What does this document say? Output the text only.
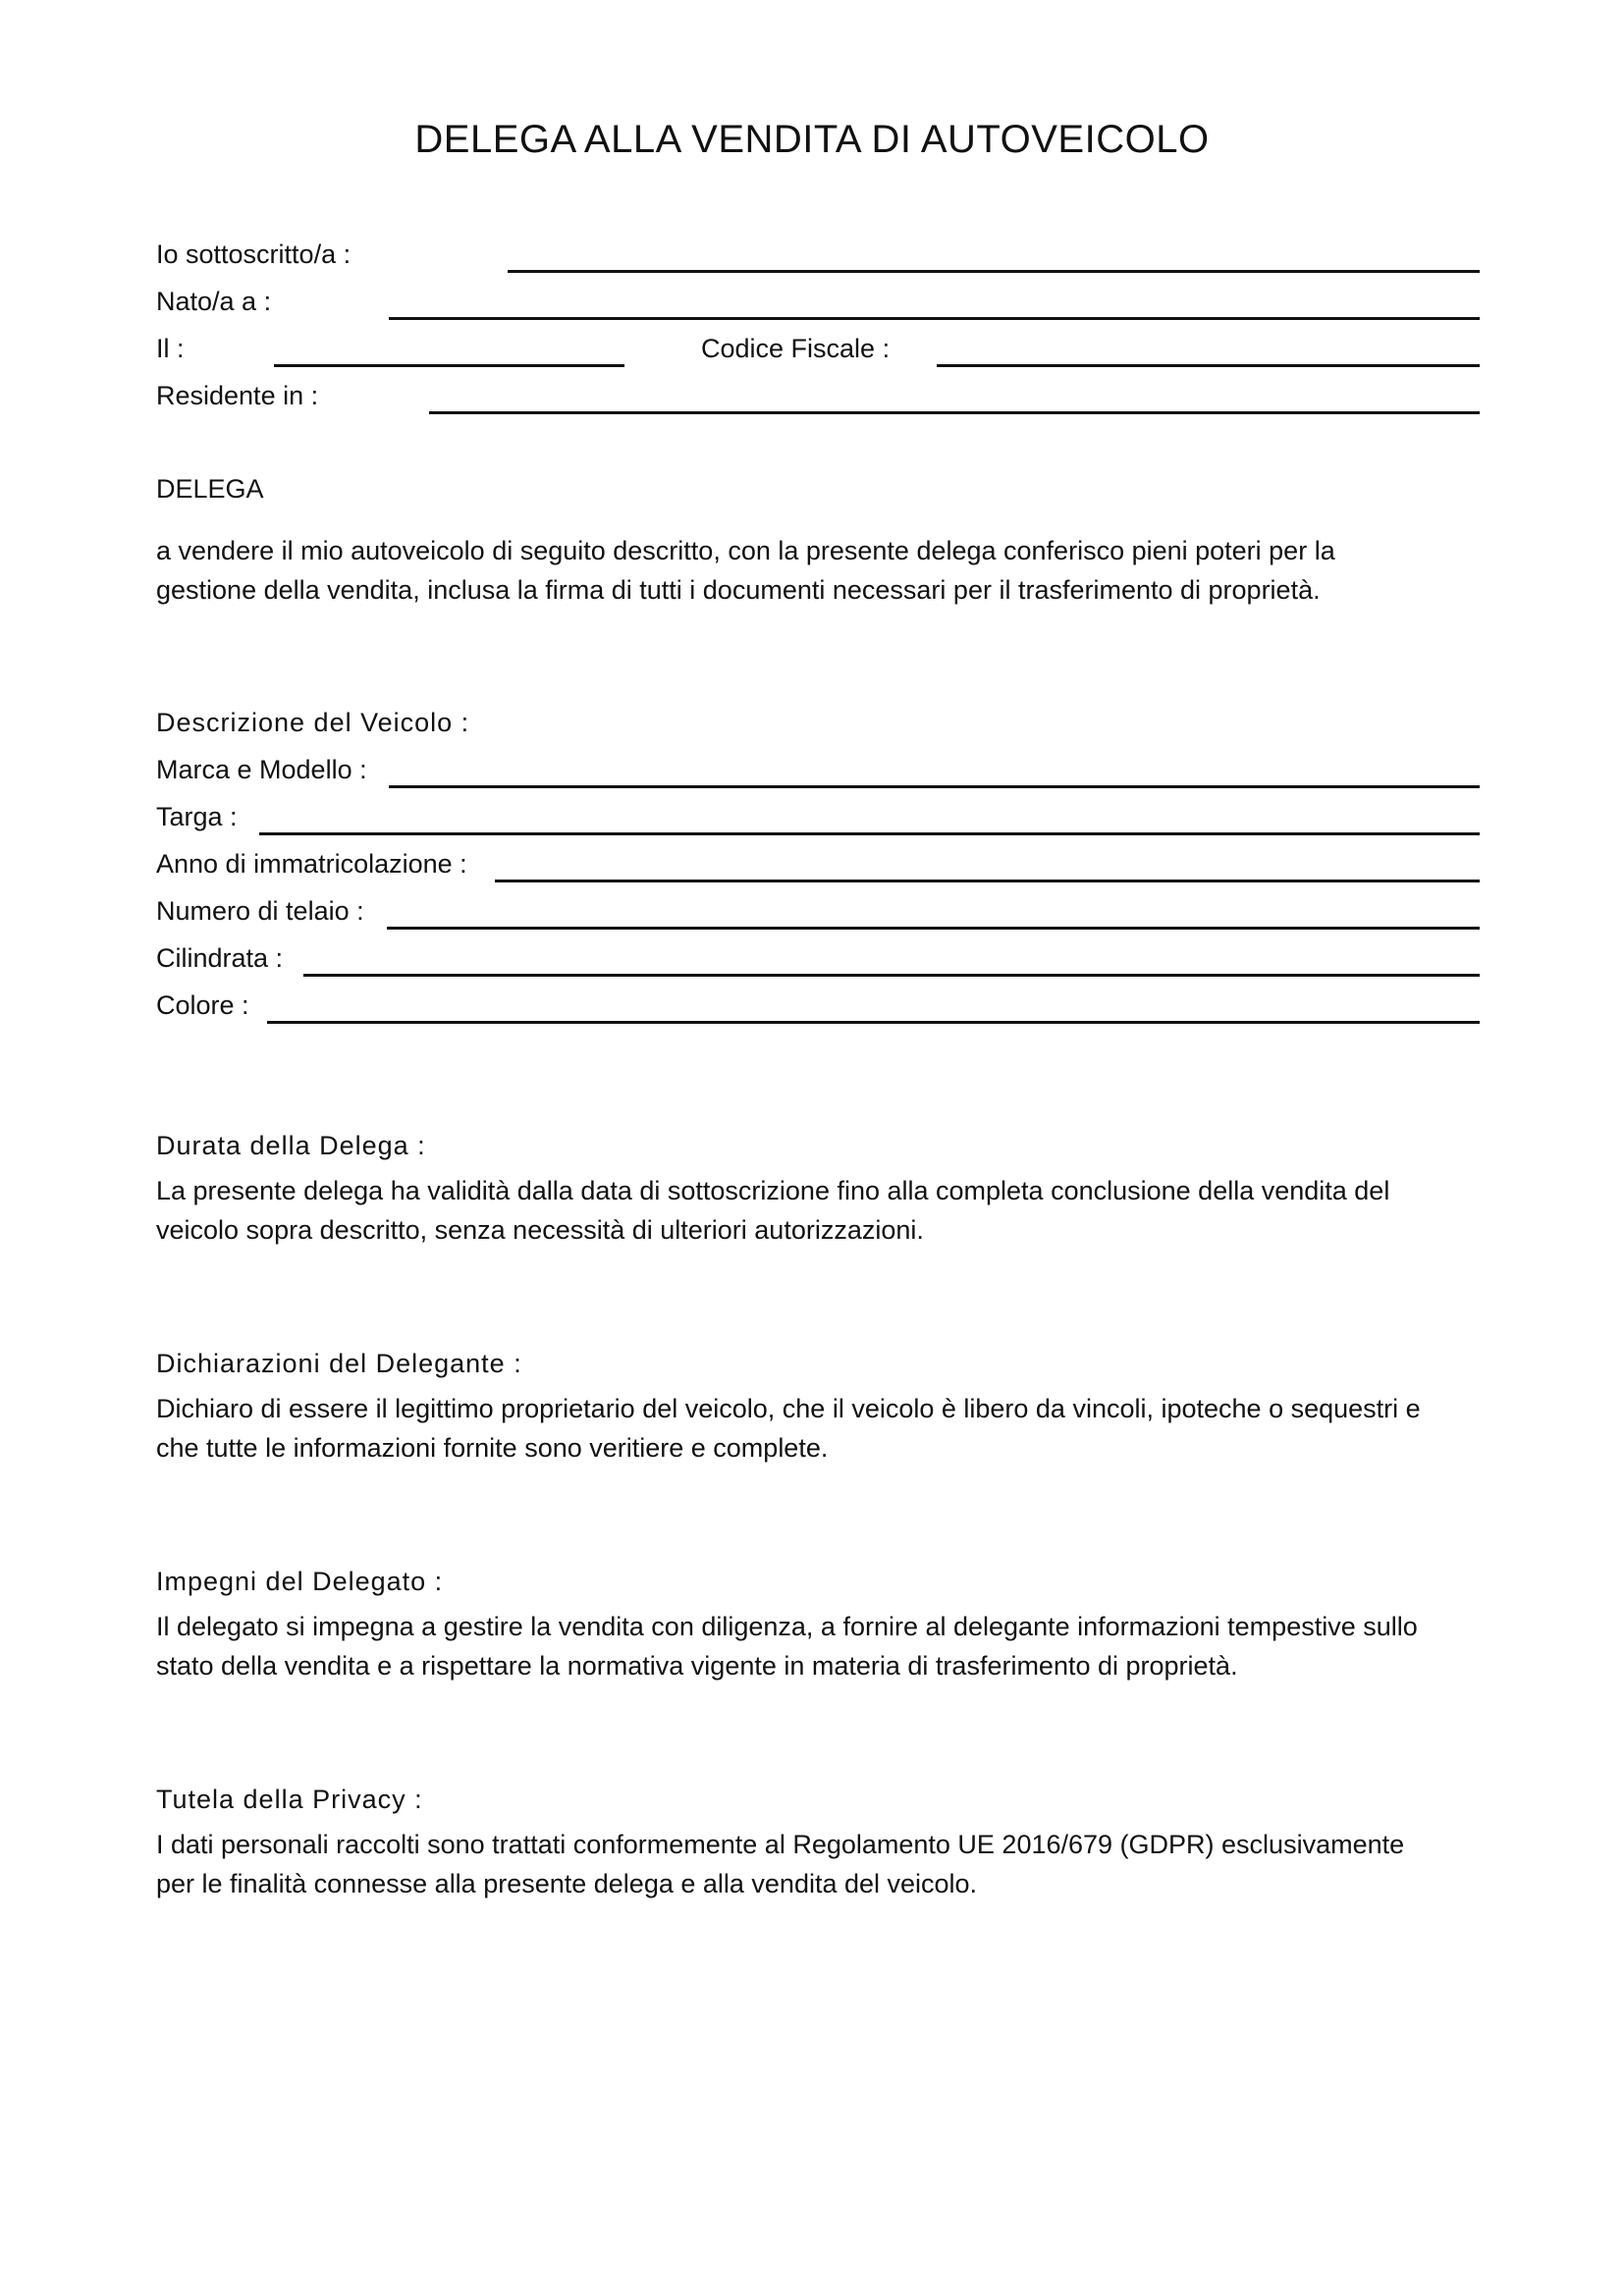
DELEGA ALLA VENDITA DI AUTOVEICOLO
Io sottoscritto/a :
Nato/a a :
Il :	Codice Fiscale :
Residente in :
DELEGA
a vendere il mio autoveicolo di seguito descritto, con la presente delega conferisco pieni poteri per la
gestione della vendita, inclusa la firma di tutti i documenti necessari per il trasferimento di proprietà.
Descrizione del Veicolo :
Marca e Modello :
Targa :
Anno di immatricolazione :
Numero di telaio :
Cilindrata :
Colore :
Durata della Delega :
La presente delega ha validità dalla data di sottoscrizione fino alla completa conclusione della vendita del
veicolo sopra descritto, senza necessità di ulteriori autorizzazioni.
Dichiarazioni del Delegante :
Dichiaro di essere il legittimo proprietario del veicolo, che il veicolo è libero da vincoli, ipoteche o sequestri e
che tutte le informazioni fornite sono veritiere e complete.
Impegni del Delegato :
Il delegato si impegna a gestire la vendita con diligenza, a fornire al delegante informazioni tempestive sullo
stato della vendita e a rispettare la normativa vigente in materia di trasferimento di proprietà.
Tutela della Privacy :
I dati personali raccolti sono trattati conformemente al Regolamento UE 2016/679 (GDPR) esclusivamente
per le finalità connesse alla presente delega e alla vendita del veicolo.
